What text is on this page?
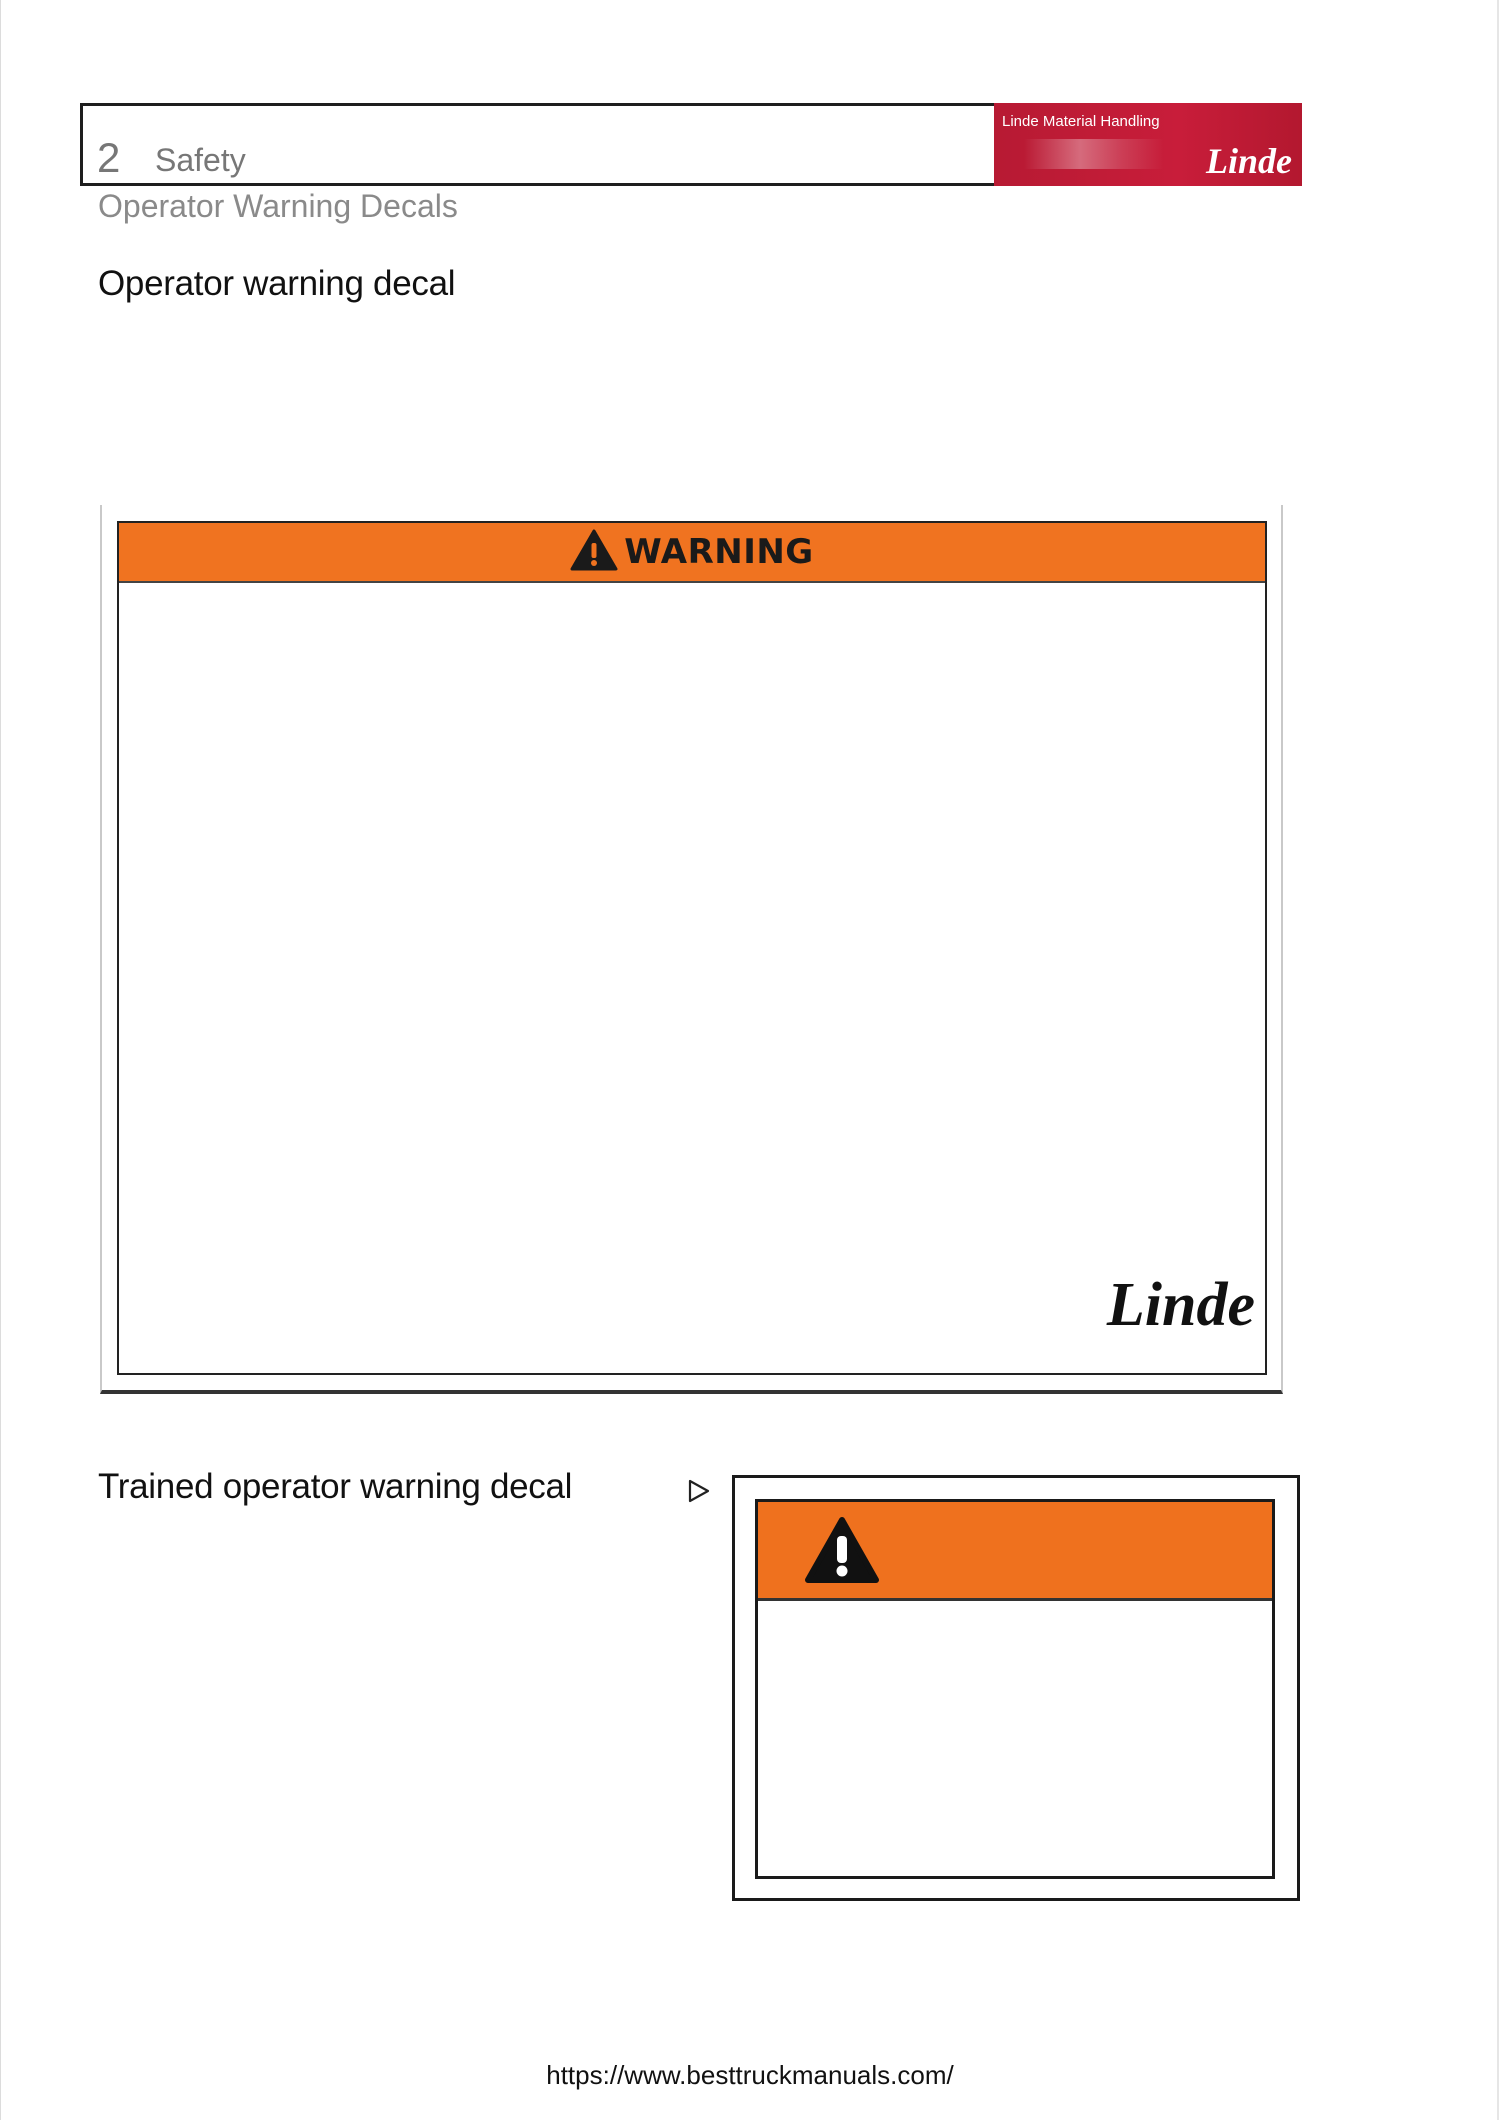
2 Safety
Linde Material Handling
Linde
Operator Warning Decals
Operator warning decal
WARNING
Linde
Trained operator warning decal
https://www.besttruckmanuals.com/
